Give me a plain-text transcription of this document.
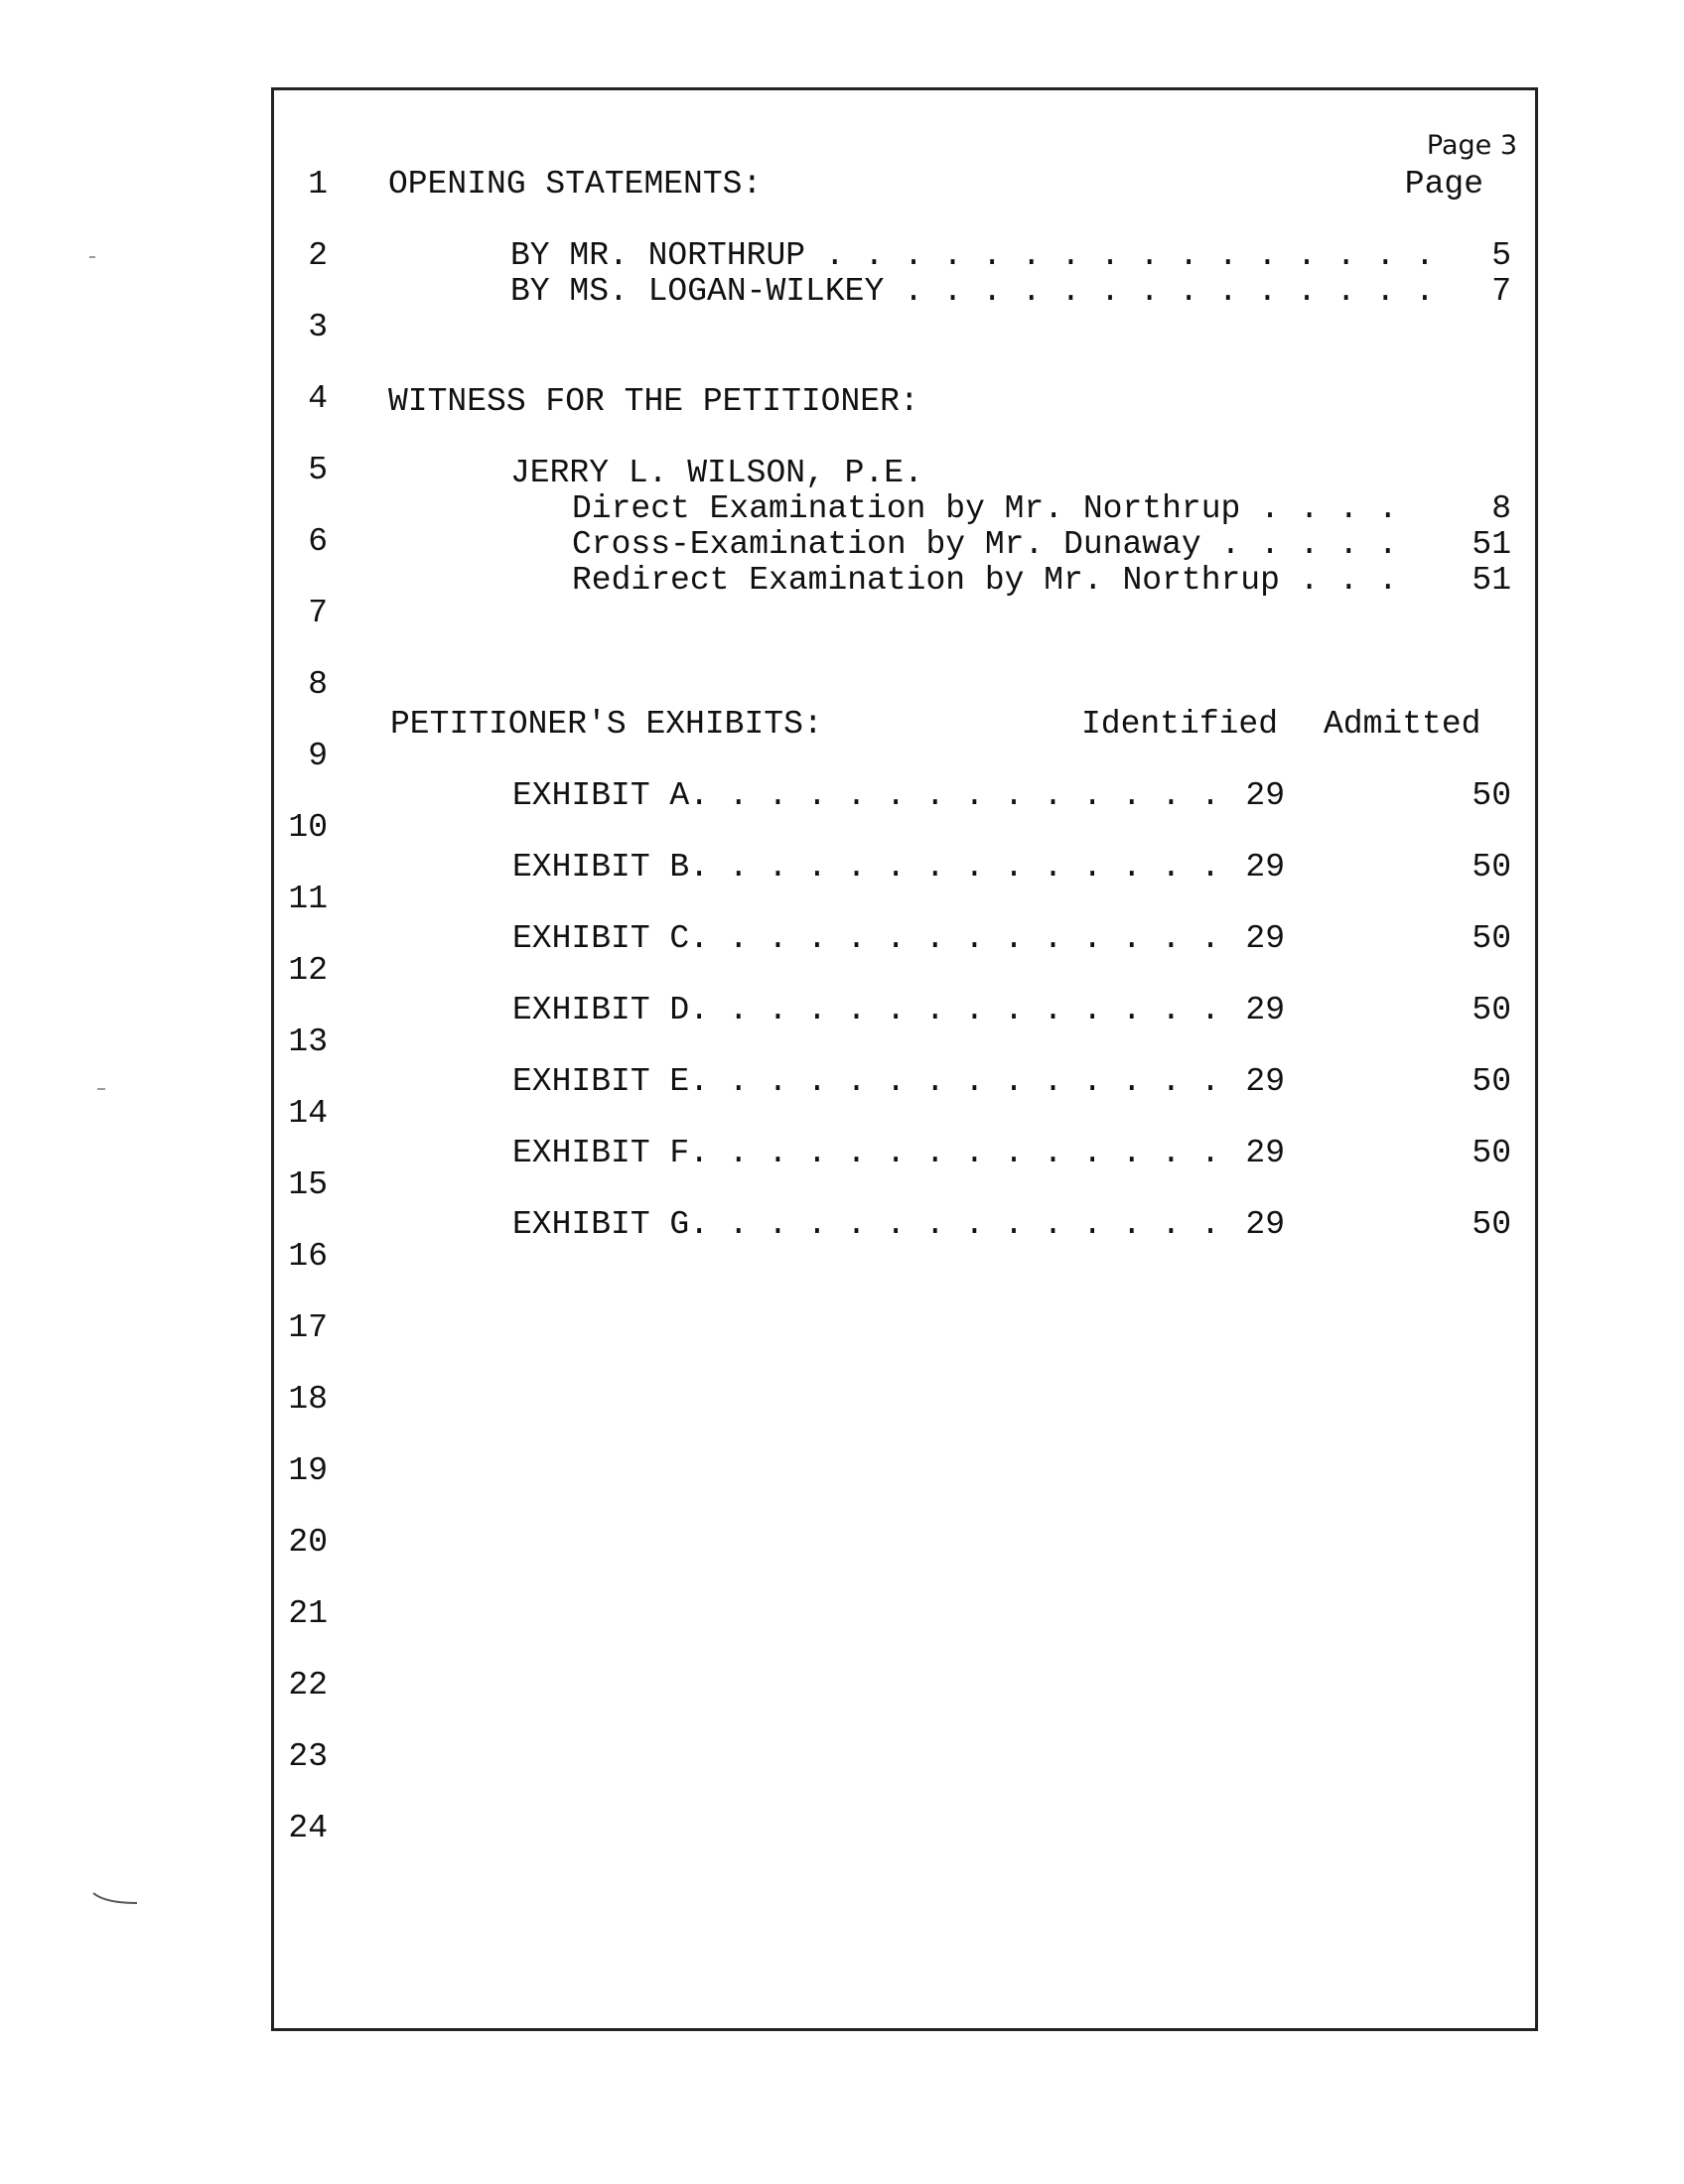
Page 3
1
2
3
4
5
6
7
8
9
10
11
12
13
14
15
16
17
18
19
20
21
22
23
24
OPENING STATEMENTS:	Page
BY MR. NORTHRUP . . . . . . . . . . . . . . . .	5
BY MS. LOGAN-WILKEY . . . . . . . . . . . . . .	7
WITNESS FOR THE PETITIONER:
JERRY L. WILSON, P.E.
Direct Examination by Mr. Northrup . . . .	8
Cross-Examination by Mr. Dunaway . . . . .	51
Redirect Examination by Mr. Northrup . . .	51
PETITIONER'S EXHIBITS:	Identified Admitted
EXHIBIT A. . . . . . . . . . . . . . 29	50
EXHIBIT B. . . . . . . . . . . . . . 29	50
EXHIBIT C. . . . . . . . . . . . . . 29	50
EXHIBIT D. . . . . . . . . . . . . . 29	50
EXHIBIT E. . . . . . . . . . . . . . 29	50
EXHIBIT F. . . . . . . . . . . . . . 29	50
EXHIBIT G. . . . . . . . . . . . . . 29	50
